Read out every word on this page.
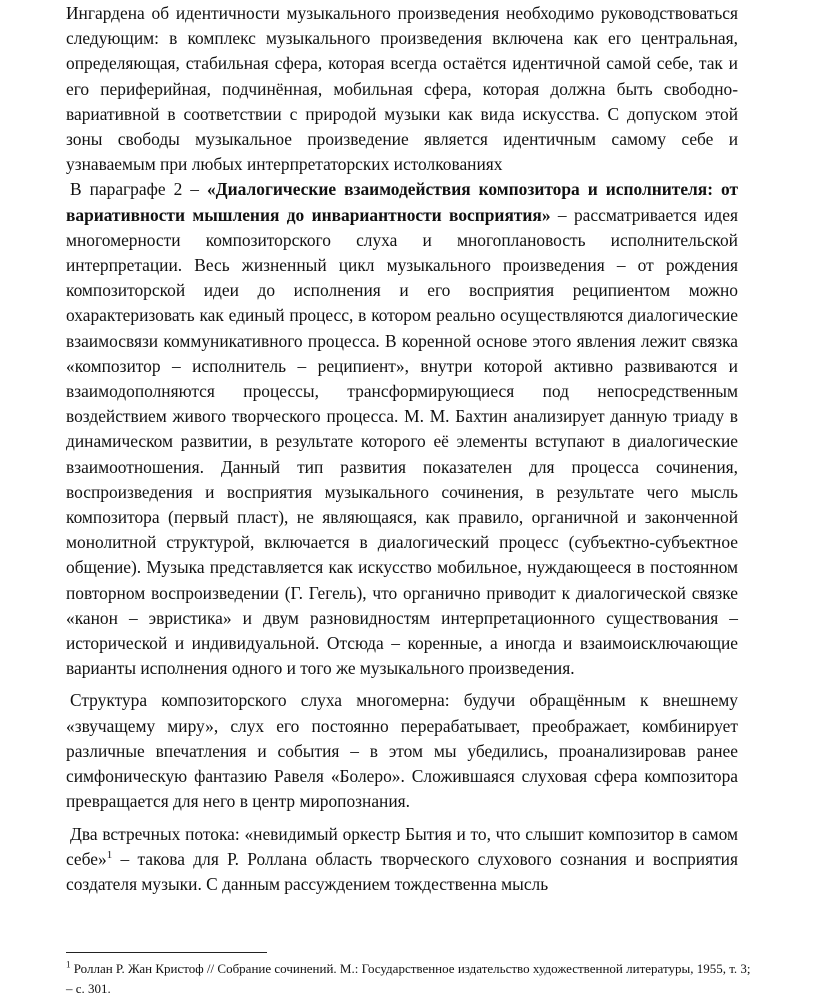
Ингардена об идентичности музыкального произведения необходимо руководствоваться следующим: в комплекс музыкального произведения включена как его центральная, определяющая, стабильная сфера, которая всегда остаётся идентичной самой себе, так и его периферийная, подчинённая, мобильная сфера, которая должна быть свободно-вариативной в соответствии с природой музыки как вида искусства. С допуском этой зоны свободы музыкальное произведение является идентичным самому себе и узнаваемым при любых интерпретаторских истолкованиях

В параграфе 2 – «Диалогические взаимодействия композитора и исполнителя: от вариативности мышления до инвариантности восприятия» – рассматривается идея многомерности композиторского слуха и многоплановость исполнительской интерпретации. Весь жизненный цикл музыкального произведения – от рождения композиторской идеи до исполнения и его восприятия реципиентом можно охарактеризовать как единый процесс, в котором реально осуществляются диалогические взаимосвязи коммуникативного процесса. В коренной основе этого явления лежит связка «композитор – исполнитель – реципиент», внутри которой активно развиваются и взаимодополняются процессы, трансформирующиеся под непосредственным воздействием живого творческого процесса. М. М. Бахтин анализирует данную триаду в динамическом развитии, в результате которого её элементы вступают в диалогические взаимоотношения. Данный тип развития показателен для процесса сочинения, воспроизведения и восприятия музыкального сочинения, в результате чего мысль композитора (первый пласт), не являющаяся, как правило, органичной и законченной монолитной структурой, включается в диалогический процесс (субъектно-субъектное общение). Музыка представляется как искусство мобильное, нуждающееся в постоянном повторном воспроизведении (Г. Гегель), что органично приводит к диалогической связке «канон – эвристика» и двум разновидностям интерпретационного существования – исторической и индивидуальной. Отсюда – коренные, а иногда и взаимоисключающие варианты исполнения одного и того же музыкального произведения.

Структура композиторского слуха многомерна: будучи обращённым к внешнему «звучащему миру», слух его постоянно перерабатывает, преображает, комбинирует различные впечатления и события – в этом мы убедились, проанализировав ранее симфоническую фантазию Равеля «Болеро». Сложившаяся слуховая сфера композитора превращается для него в центр миропознания.

Два встречных потока: «невидимый оркестр Бытия и то, что слышит композитор в самом себе»$^1$ – такова для Р. Роллана область творческого слухового сознания и восприятия создателя музыки. С данным рассуждением тождественна мысль

$^1$ Роллан Р. Жан Кристоф // Собрание сочинений. М.: Государственное издательство художественной литературы, 1955, т. 3; – с. 301.
